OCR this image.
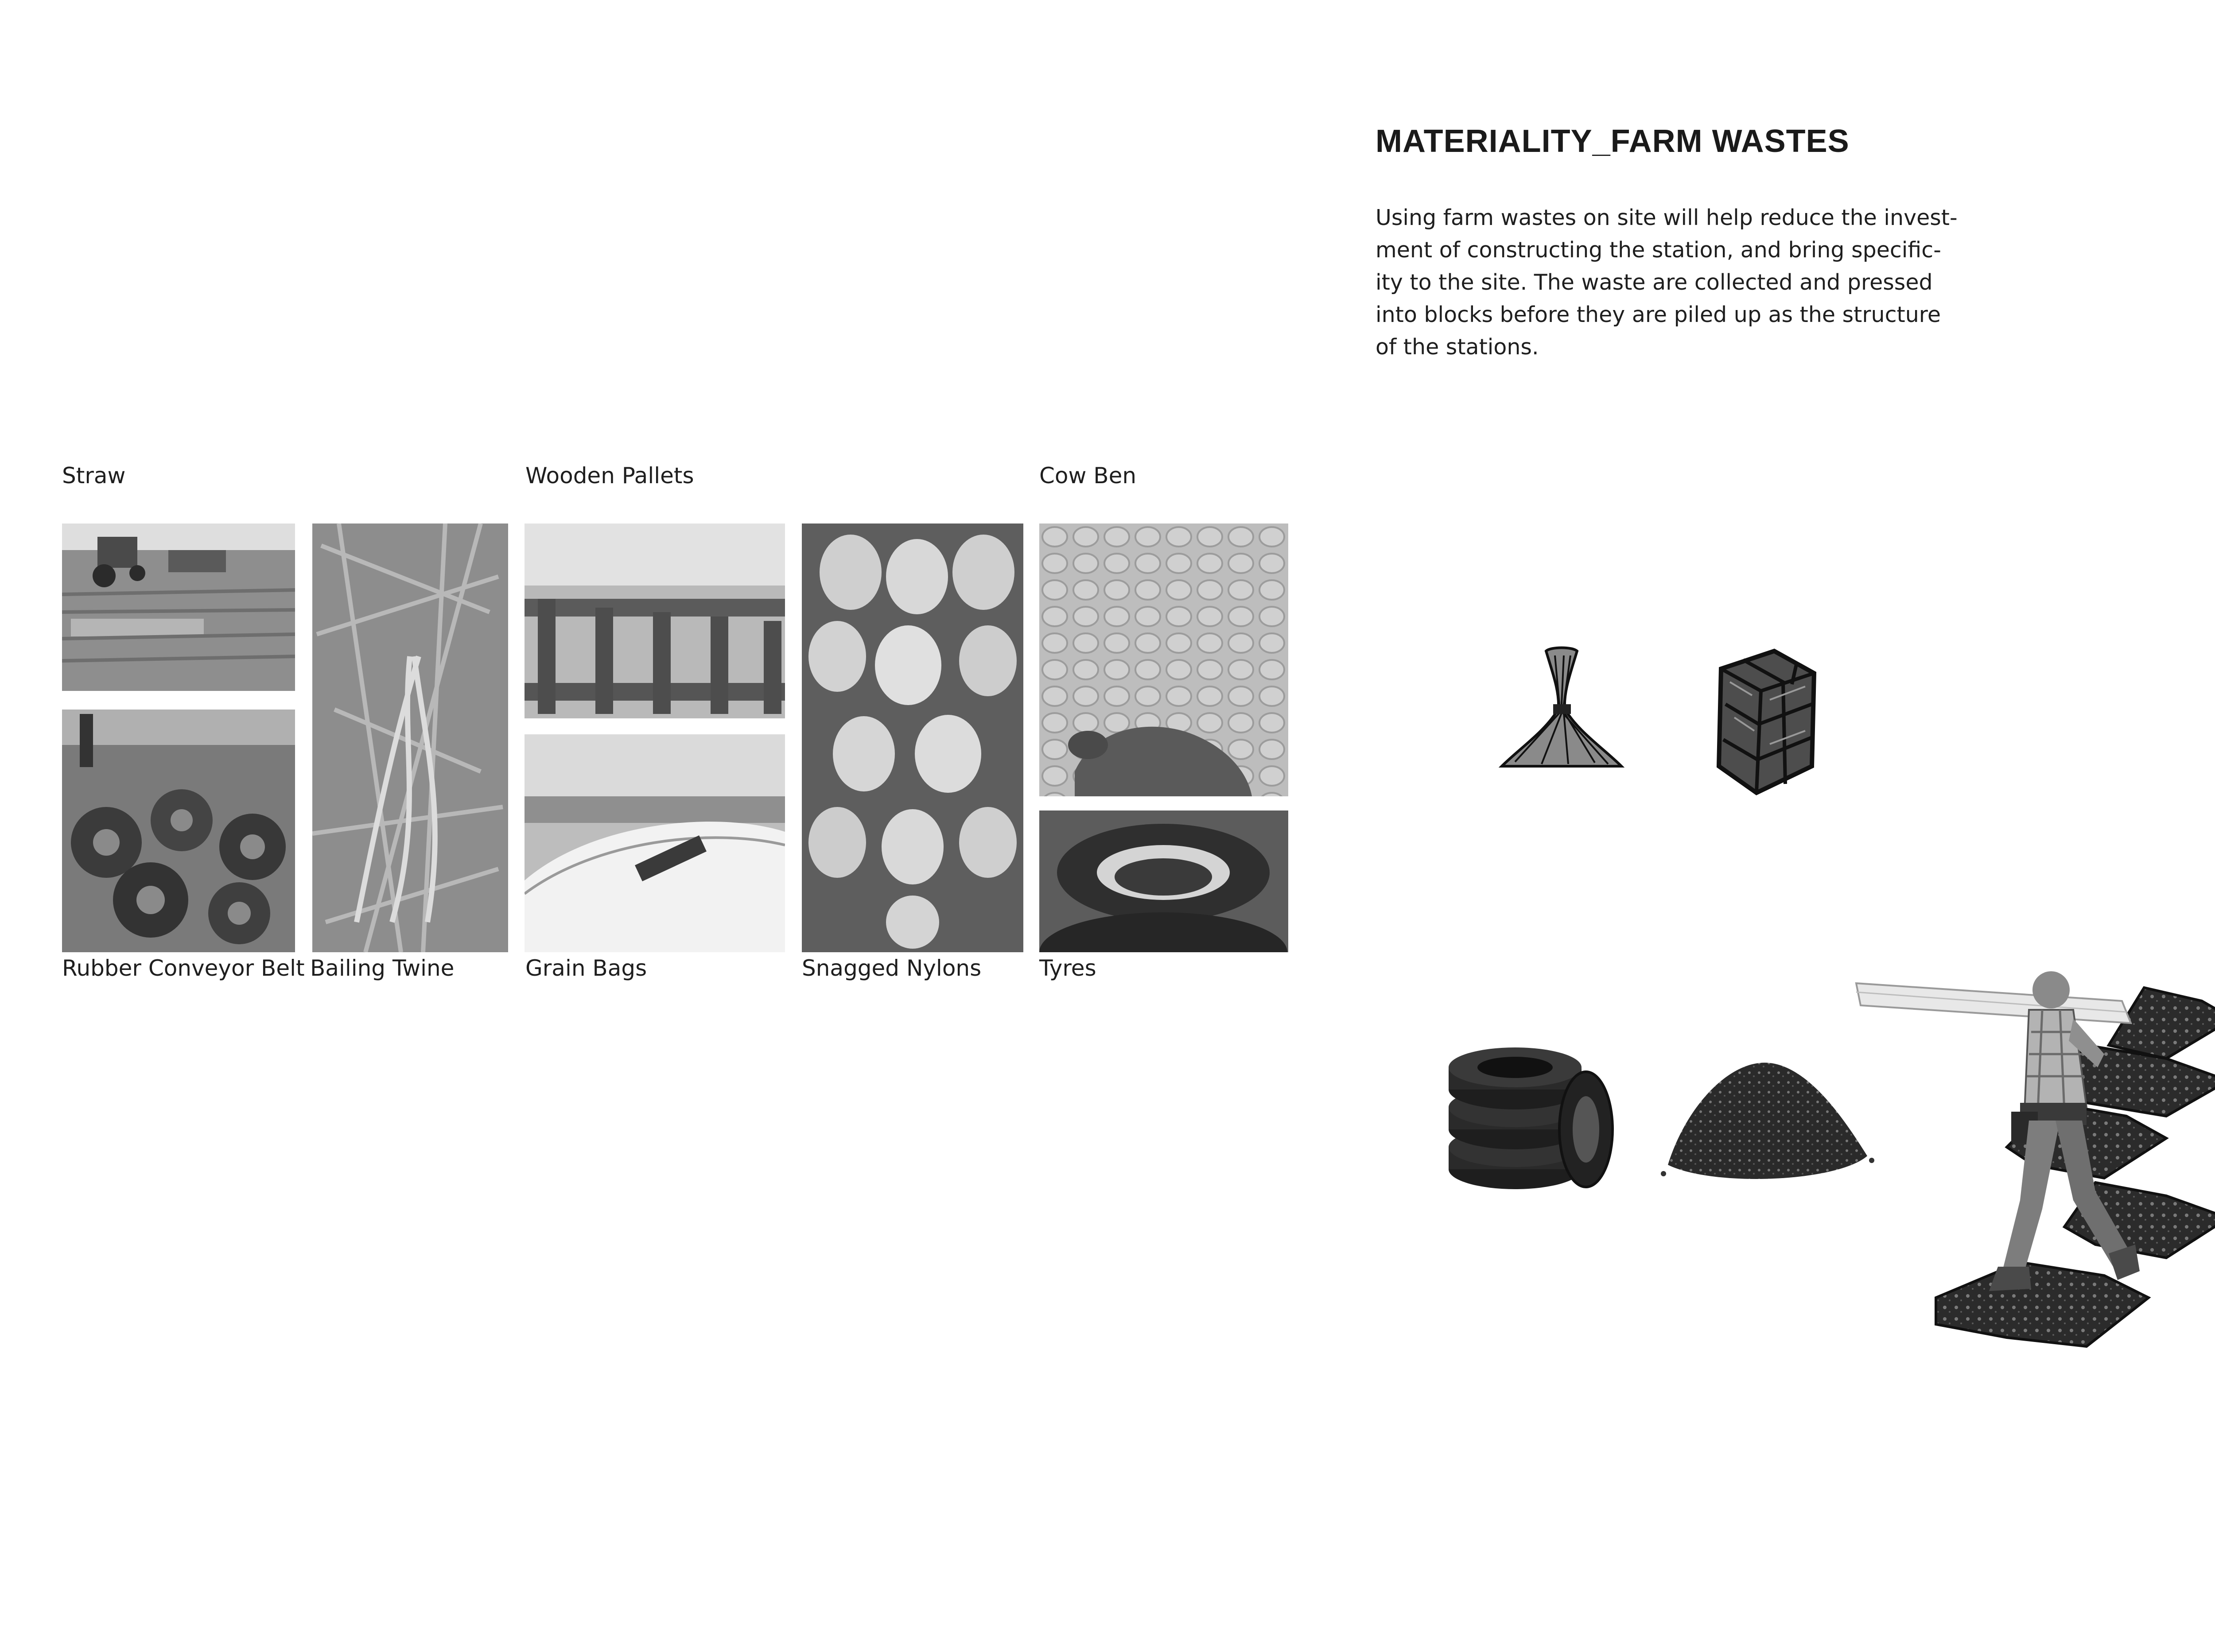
MATERIALITY_FARM WASTES
Using farm wastes on site will help reduce the invest-
ment of constructing the station, and bring specific-
ity to the site. The waste are collected and pressed
into blocks before they are piled up as the structure
of the stations.
Straw	Wooden Pallets	Cow Ben
Rubber Conveyor Belt Bailing Twine	Grain Bags	Snagged Nylons	Tyres
